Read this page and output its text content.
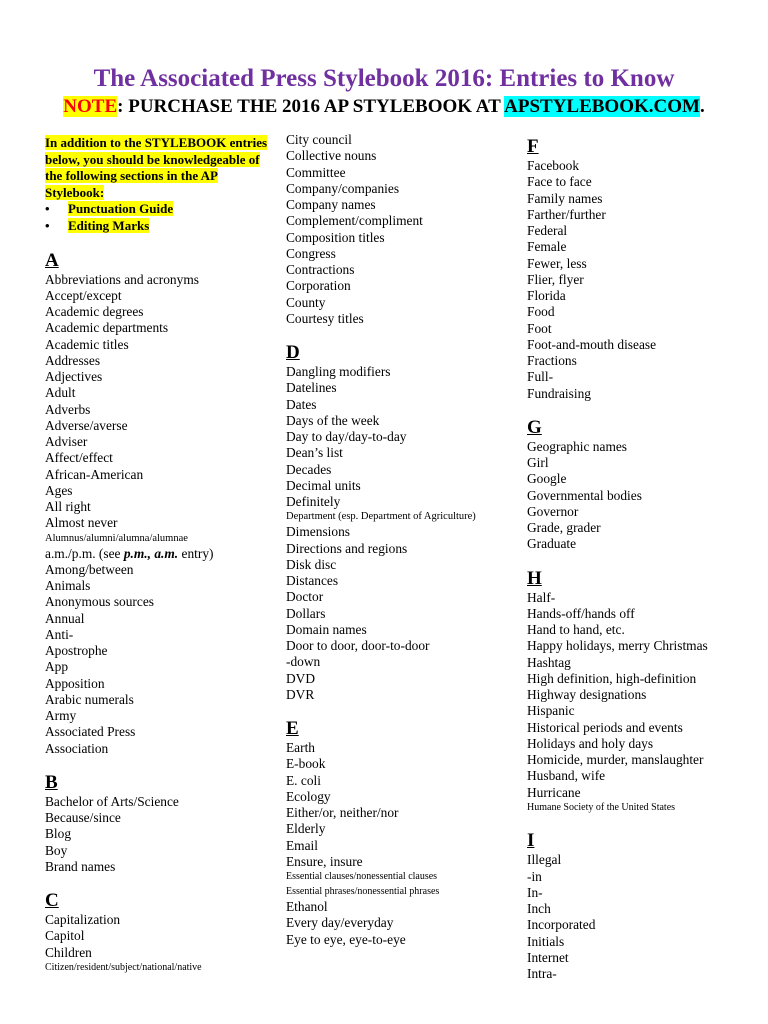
The Associated Press Stylebook 2016: Entries to Know
NOTE: PURCHASE THE 2016 AP STYLEBOOK AT APSTYLEBOOK.COM.
In addition to the STYLEBOOK entries below, you should be knowledgeable of the following sections in the AP Stylebook:
• Punctuation Guide
• Editing Marks
A
Abbreviations and acronyms
Accept/except
Academic degrees
Academic departments
Academic titles
Addresses
Adjectives
Adult
Adverbs
Adverse/averse
Adviser
Affect/effect
African-American
Ages
All right
Almost never
Alumnus/alumni/alumna/alumnae
a.m./p.m. (see p.m., a.m. entry)
Among/between
Animals
Anonymous sources
Annual
Anti-
Apostrophe
App
Apposition
Arabic numerals
Army
Associated Press
Association
B
Bachelor of Arts/Science
Because/since
Blog
Boy
Brand names
C
Capitalization
Capitol
Children
Citizen/resident/subject/national/native
City council
Collective nouns
Committee
Company/companies
Company names
Complement/compliment
Composition titles
Congress
Contractions
Corporation
County
Courtesy titles
D
Dangling modifiers
Datelines
Dates
Days of the week
Day to day/day-to-day
Dean’s list
Decades
Decimal units
Definitely
Department (esp. Department of Agriculture)
Dimensions
Directions and regions
Disk disc
Distances
Doctor
Dollars
Domain names
Door to door, door-to-door
-down
DVD
DVR
E
Earth
E-book
E. coli
Ecology
Either/or, neither/nor
Elderly
Email
Ensure, insure
Essential clauses/nonessential clauses
Essential phrases/nonessential phrases
Ethanol
Every day/everyday
Eye to eye, eye-to-eye
F
Facebook
Face to face
Family names
Farther/further
Federal
Female
Fewer, less
Flier, flyer
Florida
Food
Foot
Foot-and-mouth disease
Fractions
Full-
Fundraising
G
Geographic names
Girl
Google
Governmental bodies
Governor
Grade, grader
Graduate
H
Half-
Hands-off/hands off
Hand to hand, etc.
Happy holidays, merry Christmas
Hashtag
High definition, high-definition
Highway designations
Hispanic
Historical periods and events
Holidays and holy days
Homicide, murder, manslaughter
Husband, wife
Hurricane
Humane Society of the United States
I
Illegal
-in
In-
Inch
Incorporated
Initials
Internet
Intra-
